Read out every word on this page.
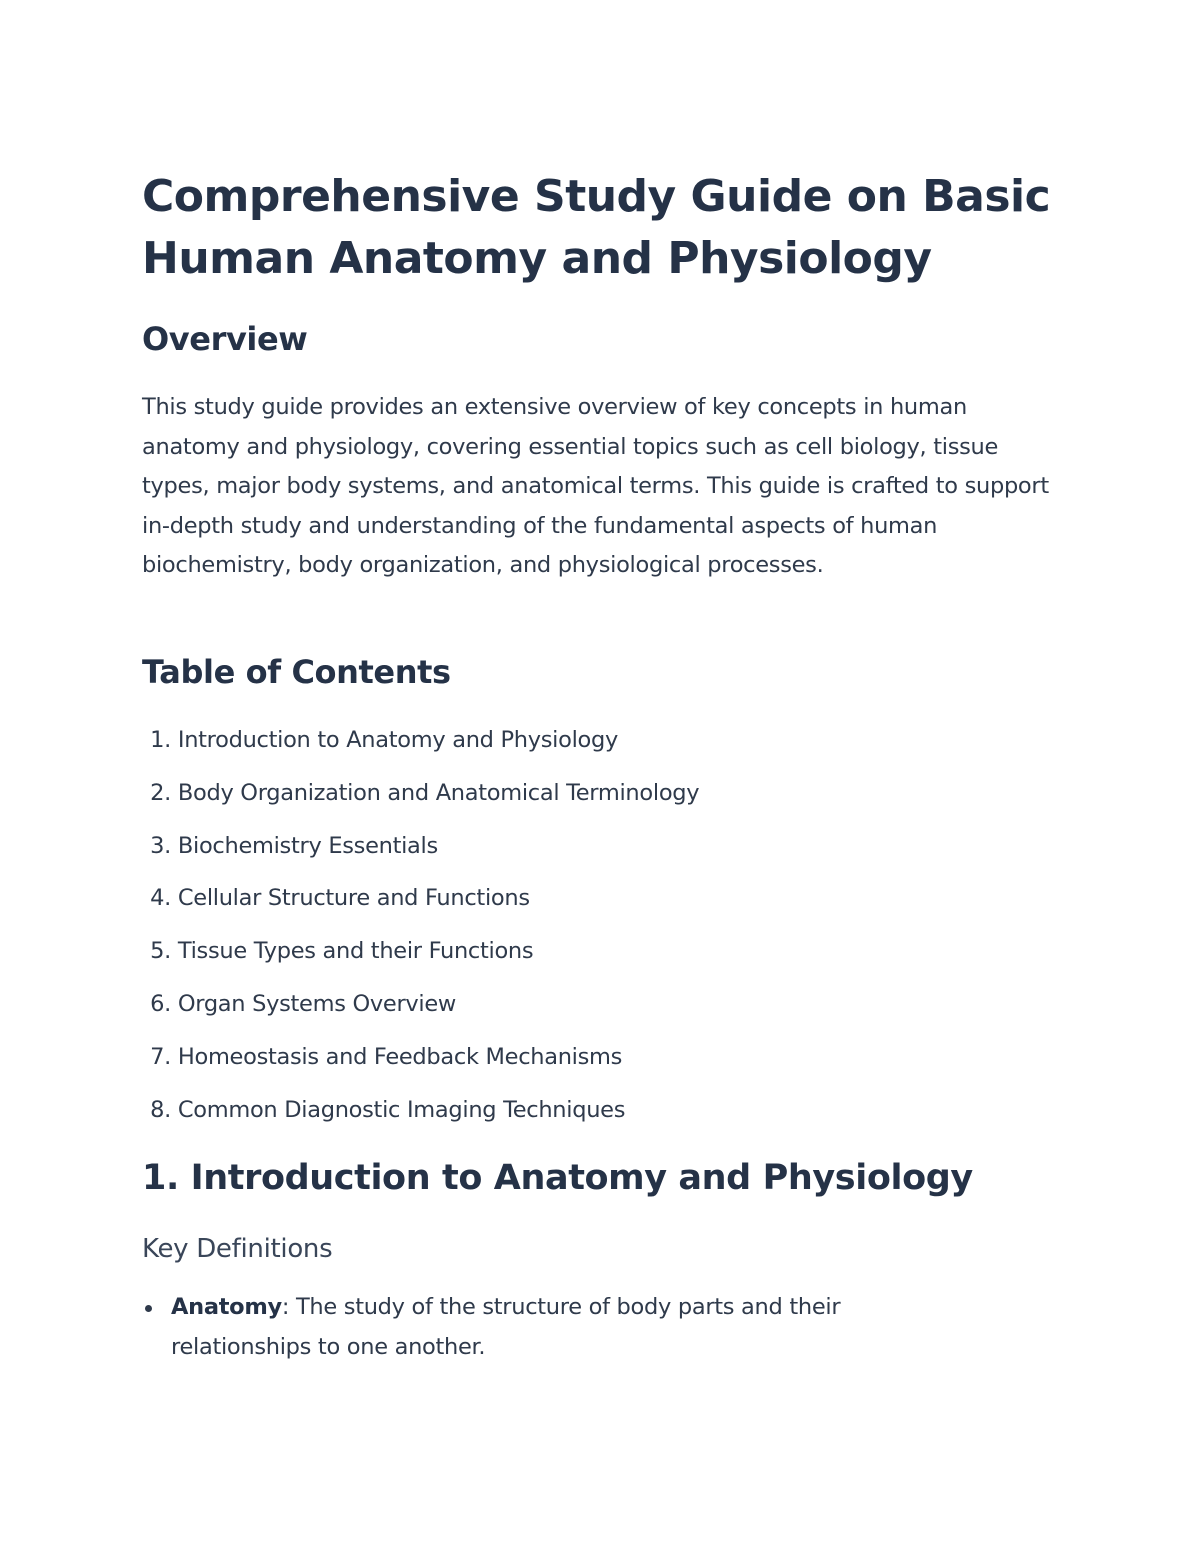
Comprehensive Study Guide on Basic Human Anatomy and Physiology
Overview

This study guide provides an extensive overview of key concepts in human anatomy and physiology, covering essential topics such as cell biology, tissue types, major body systems, and anatomical terms. This guide is crafted to support in-depth study and understanding of the fundamental aspects of human biochemistry, body organization, and physiological processes.

Table of Contents
1. Introduction to Anatomy and Physiology
2. Body Organization and Anatomical Terminology
3. Biochemistry Essentials
4. Cellular Structure and Functions
5. Tissue Types and their Functions
6. Organ Systems Overview
7. Homeostasis and Feedback Mechanisms
8. Common Diagnostic Imaging Techniques
1. Introduction to Anatomy and Physiology
Key Definitions
Anatomy: The study of the structure of body parts and their relationships to one another.
